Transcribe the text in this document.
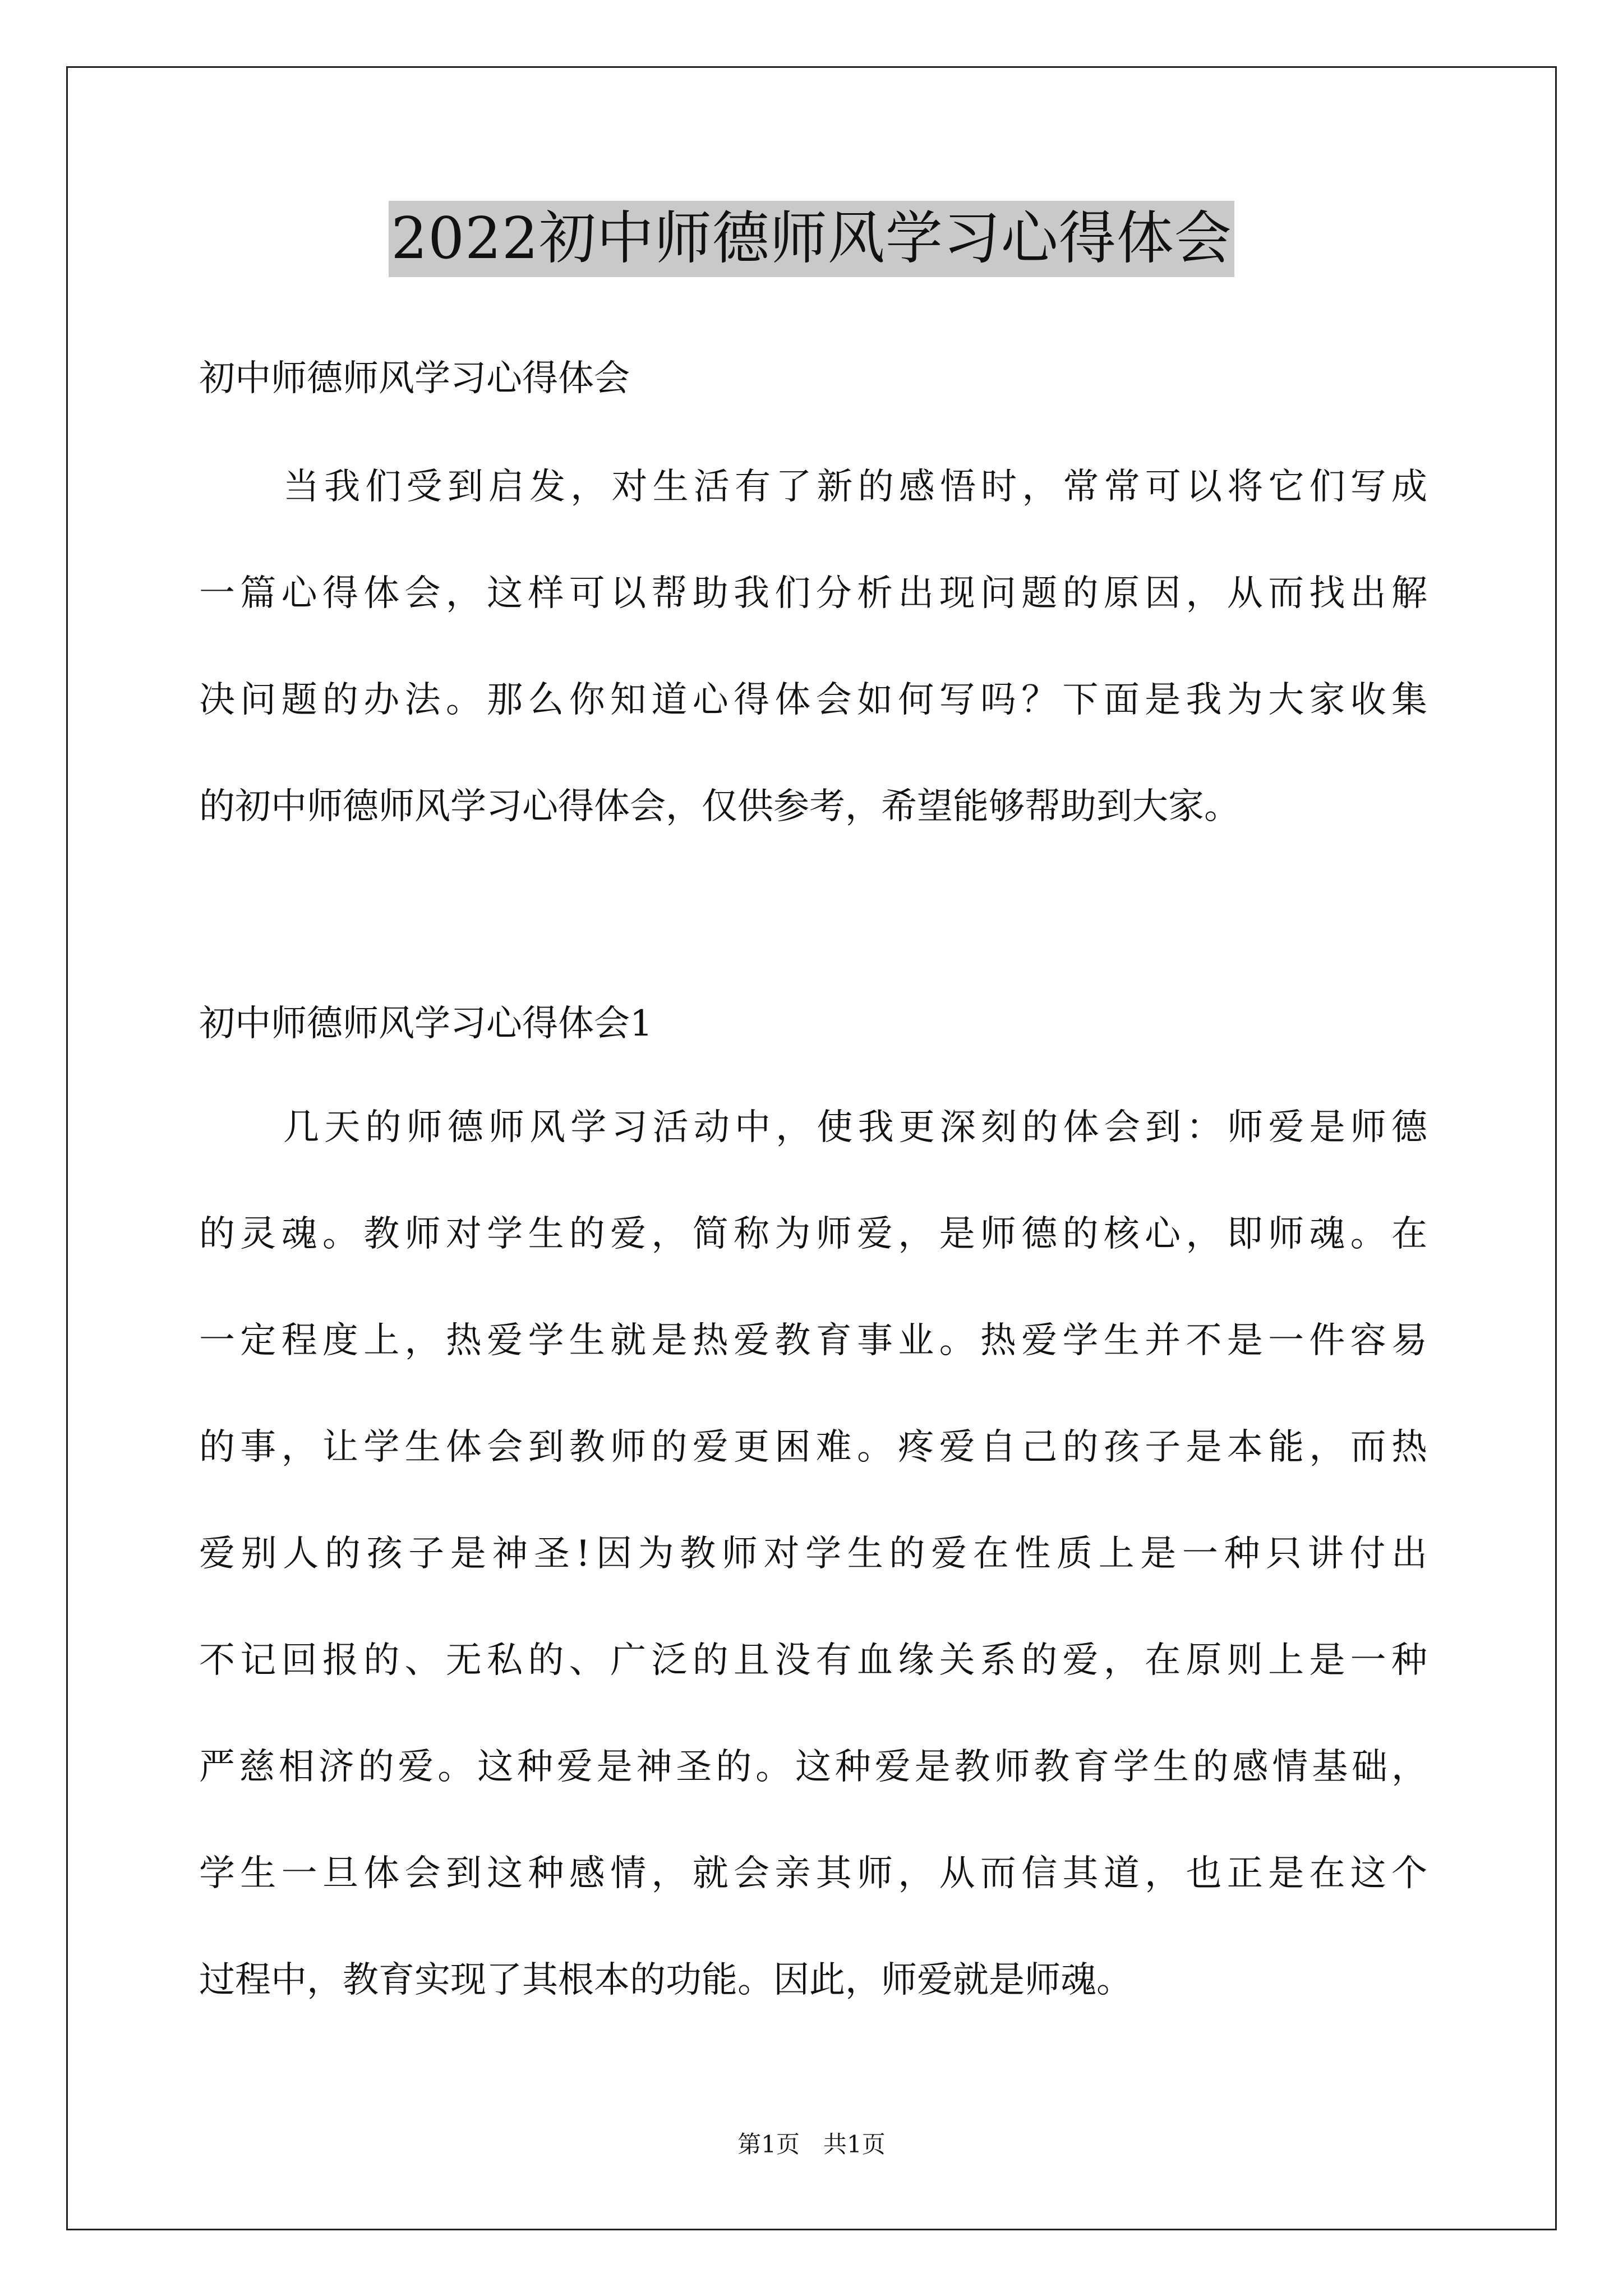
2022初中师德师风学习心得体会

初中师德师风学习心得体会

当我们受到启发，对生活有了新的感悟时，常常可以将它们写成

一篇心得体会，这样可以帮助我们分析出现问题的原因，从而找出解

决问题的办法。那么你知道心得体会如何写吗？下面是我为大家收集

的初中师德师风学习心得体会，仅供参考，希望能够帮助到大家。

初中师德师风学习心得体会1

几天的师德师风学习活动中，使我更深刻的体会到：师爱是师德

的灵魂。教师对学生的爱，简称为师爱，是师德的核心，即师魂。在

一定程度上，热爱学生就是热爱教育事业。热爱学生并不是一件容易

的事，让学生体会到教师的爱更困难。疼爱自己的孩子是本能，而热

爱别人的孩子是神圣!因为教师对学生的爱在性质上是一种只讲付出

不记回报的、无私的、广泛的且没有血缘关系的爱，在原则上是一种

严慈相济的爱。这种爱是神圣的。这种爱是教师教育学生的感情基础，

学生一旦体会到这种感情，就会亲其师，从而信其道，也正是在这个

过程中，教育实现了其根本的功能。因此，师爱就是师魂。

第1页　共1页
